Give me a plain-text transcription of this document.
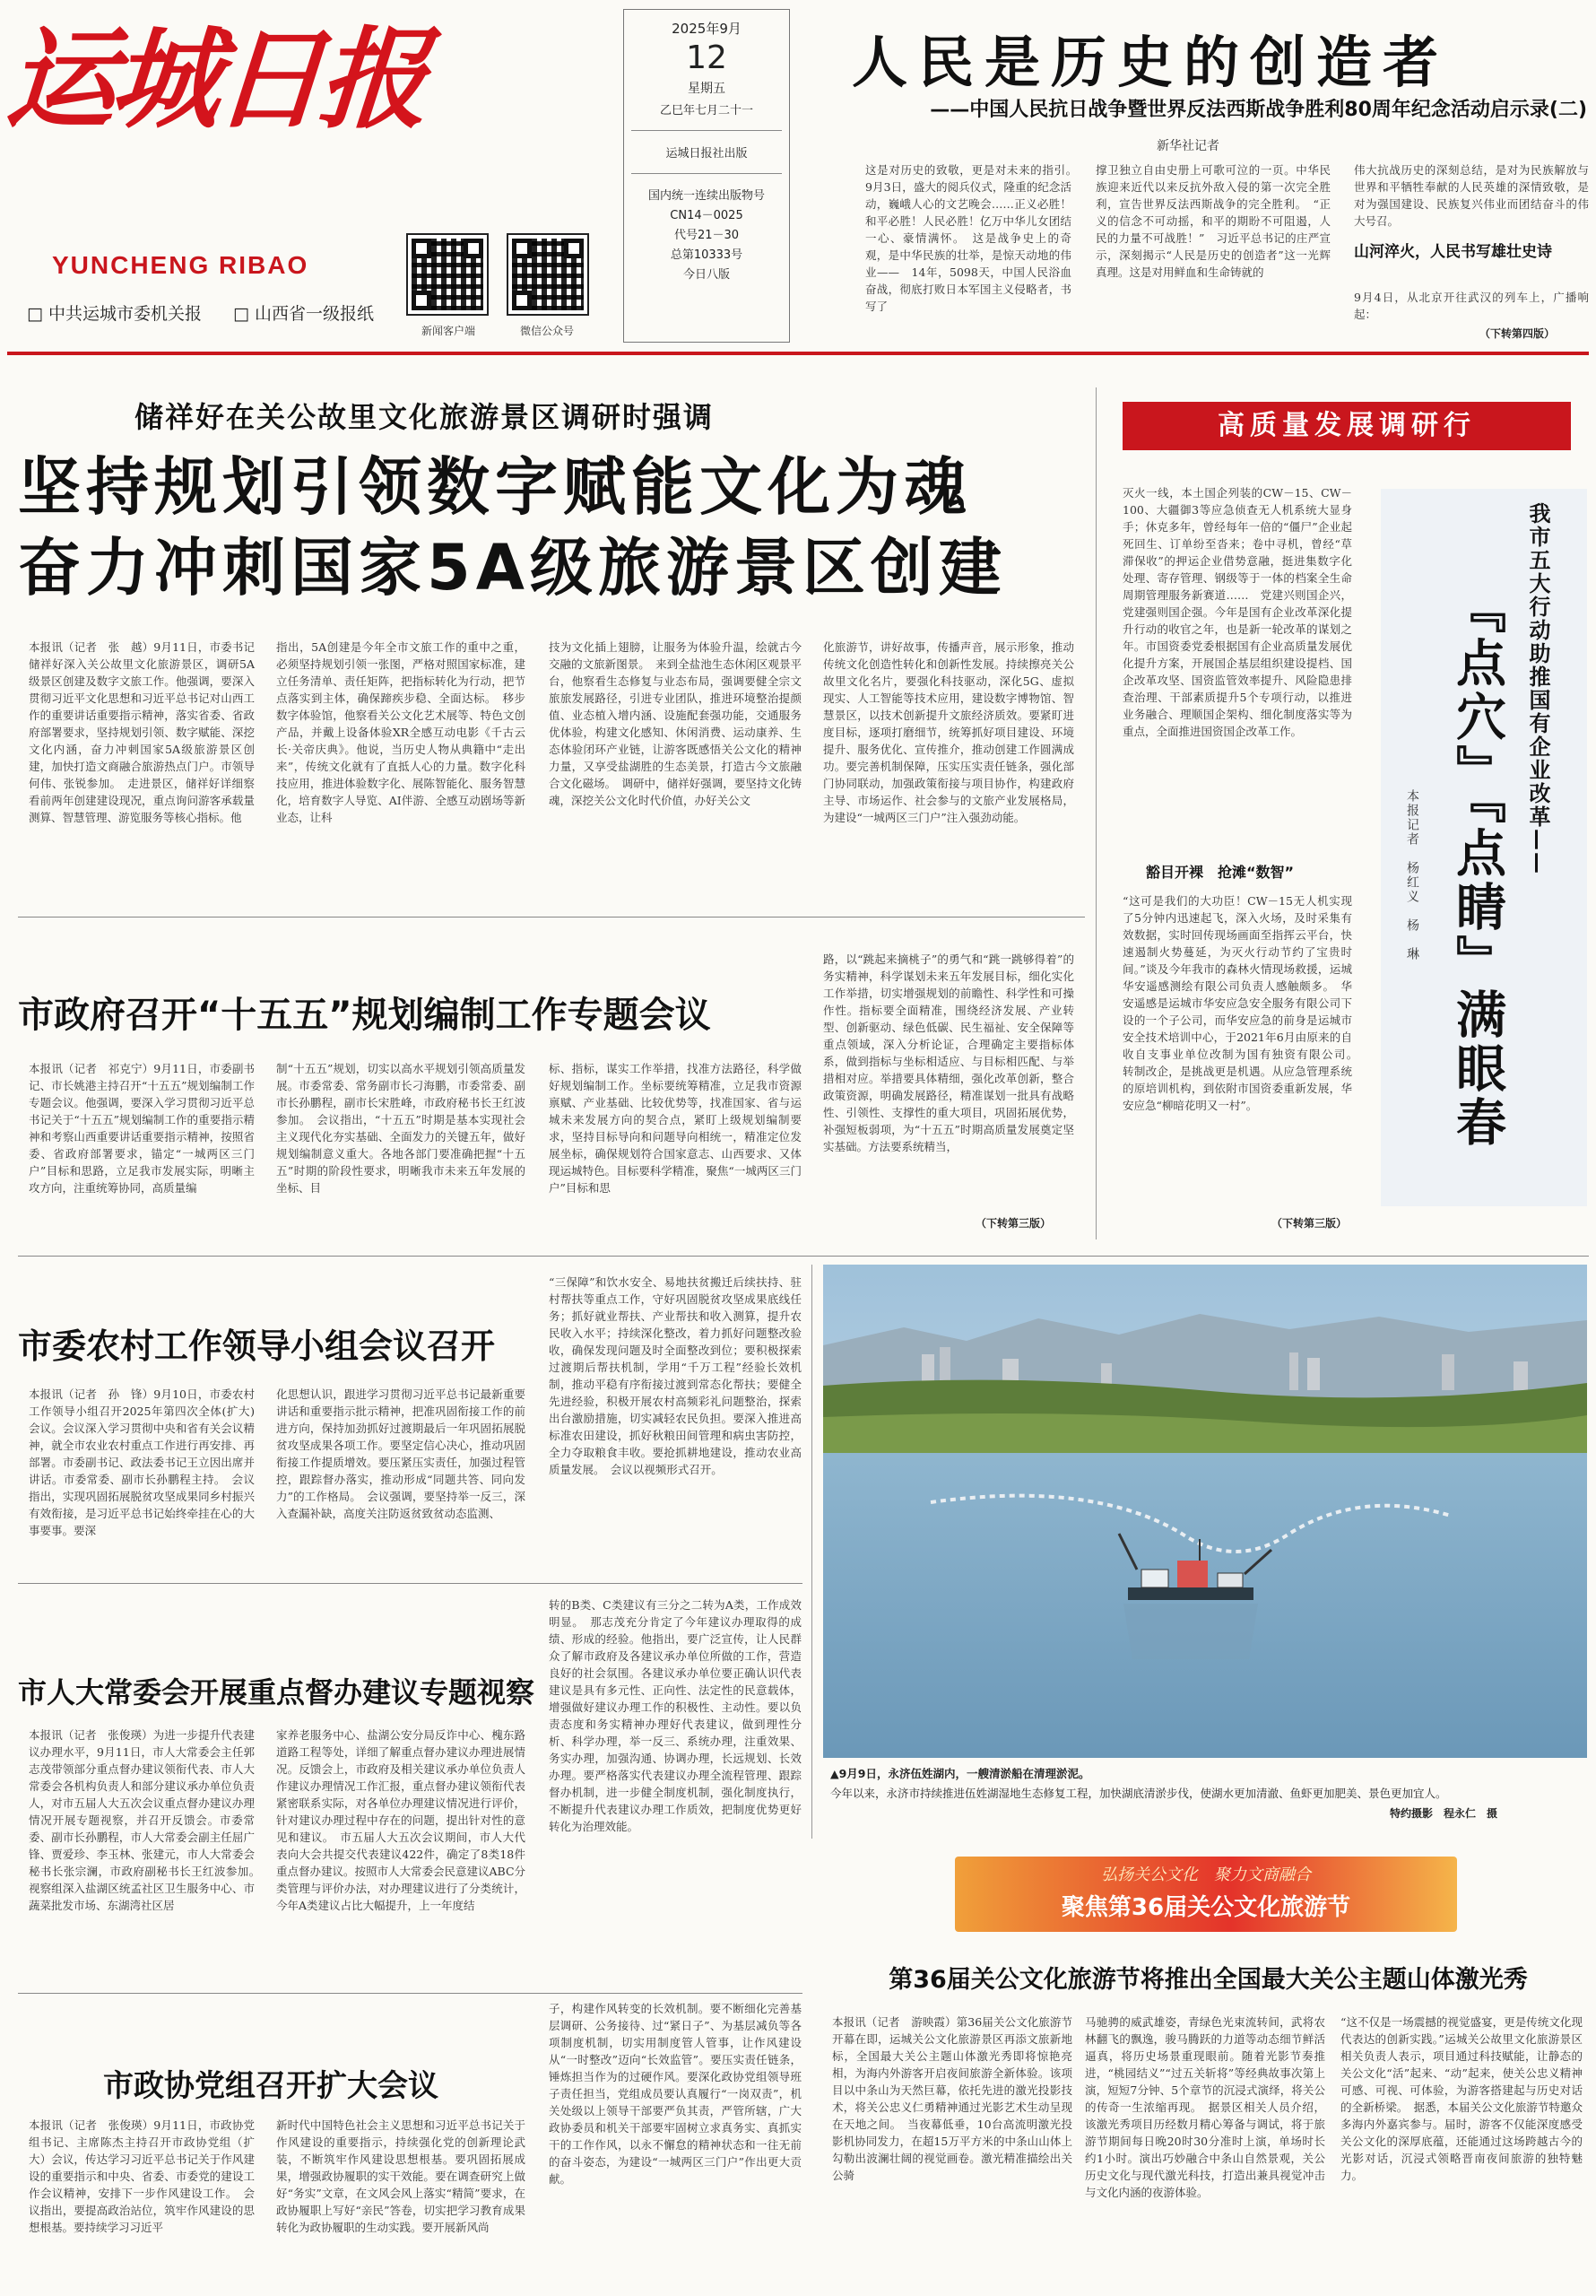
运城日报
YUNCHENG RIBAO
□ 中共运城市委机关报 □ 山西省一级报纸
新闻客户端	微信公众号
2025年9月
12
星期五
乙巳年七月二十一
运城日报社出版
国内统一连续出版物号
CN14－0025
代号21－30
总第10333号
今日八版
人民是历史的创造者
——中国人民抗日战争暨世界反法西斯战争胜利80周年纪念活动启示录(二)
新华社记者
这是对历史的致敬，更是对未来的指引。　9月3日，盛大的阅兵仪式，隆重的纪念活动，巍峨人心的文艺晚会……正义必胜！和平必胜！人民必胜！亿万中华儿女团结一心、豪情满怀。　这是战争史上的奇观，是中华民族的壮举，是惊天动地的伟业——　14年，5098天，中国人民浴血奋战，彻底打败日本军国主义侵略者，书写了
撑卫独立自由史册上可歌可泣的一页。中华民族迎来近代以来反抗外敌入侵的第一次完全胜利，宣告世界反法西斯战争的完全胜利。　“正义的信念不可动摇，和平的期盼不可阻遏，人民的力量不可战胜！”　习近平总书记的庄严宣示，深刻揭示“人民是历史的创造者”这一光辉真理。这是对用鲜血和生命铸就的
伟大抗战历史的深刻总结，是对为民族解放与世界和平牺牲奉献的人民英雄的深情致敬，是对为强国建设、民族复兴伟业而团结奋斗的伟大号召。
山河淬火，人民书写雄壮史诗
9月4日，从北京开往武汉的列车上，广播响起：
（下转第四版）
储祥好在关公故里文化旅游景区调研时强调
坚持规划引领数字赋能文化为魂
奋力冲刺国家5A级旅游景区创建
本报讯（记者　张　越）9月11日，市委书记储祥好深入关公故里文化旅游景区，调研5A级景区创建及数字文旅工作。他强调，要深入贯彻习近平文化思想和习近平总书记对山西工作的重要讲话重要指示精神，落实省委、省政府部署要求，坚持规划引领、数字赋能、深挖文化内涵，奋力冲刺国家5A级旅游景区创建，加快打造文商融合旅游热点门户。市领导何伟、张锐参加。　走进景区，储祥好详细察看前两年创建建设现况，重点询问游客承载量测算、智慧管理、游览服务等核心指标。他
指出，5A创建是今年全市文旅工作的重中之重，必须坚持规划引领一张图，严格对照国家标准，建立任务清单、责任矩阵，把指标转化为行动，把节点落实到主体，确保蹄疾步稳、全面达标。　移步数字体验馆，他察看关公文化艺术展等、特色文创产品，并戴上设备体验XR全感互动电影《千古云长·关帝庆典》。他说，当历史人物从典籍中“走出来”，传统文化就有了直抵人心的力量。数字化科技应用，推进体验数字化、展陈智能化、服务智慧化，培育数字人导览、AI伴游、全感互动剧场等新业态，让科
技为文化插上翅膀，让服务为体验升温，绘就古今交融的文旅新图景。　来到全盐池生态休闲区观景平台，他察看生态修复与业态布局，强调要健全宗文旅旅发展路径，引进专业团队，推进环境整治提颜值、业态植入增内涵、设施配套强功能，交通服务优体验，构建文化感知、休闲消费、运动康养、生态体验闭环产业链，让游客既感悟关公文化的精神力量，又享受盐湖胜的生态美景，打造古今文旅融合文化磁场。　调研中，储祥好强调，要坚持文化铸魂，深挖关公文化时代价值，办好关公文
化旅游节，讲好故事，传播声音，展示形象，推动传统文化创造性转化和创新性发展。持续擦亮关公故里文化名片，要强化科技驱动，深化5G、虚拟现实、人工智能等技术应用，建设数字博物馆、智慧景区，以技术创新提升文旅经济质效。要紧盯进度目标，逐项打磨细节，统筹抓好项目建设、环境提升、服务优化、宣传推介，推动创建工作圆满成功。要完善机制保障，压实压实责任链条，强化部门协同联动，加强政策衔接与项目协作，构建政府主导、市场运作、社会参与的文旅产业发展格局，为建设“一城两区三门户”注入强劲动能。
高质量发展调研行
灭火一线，本土国企列装的CW－15、CW－100、大疆御3等应急侦查无人机系统大显身手；休克多年，曾经每年一倍的“僵尸”企业起死回生、订单纷至沓来；卷中寻机，曾经“草滞保收”的押运企业借势意融，挺进集数字化处理、寄存管理、钢级等于一体的档案全生命周期管理服务新赛道……　党建兴则国企兴，党建强则国企强。今年是国有企业改革深化提升行动的收官之年，也是新一轮改革的谋划之年。市国资委党委根据国有企业高质量发展优化提升方案，开展国企基层组织建设提档、国企改革攻坚、国资监管效率提升、风险隐患排查治理、干部素质提升5个专项行动，以推进业务融合、理顺国企架构、细化制度落实等为重点，全面推进国资国企改革工作。
豁目开裸　抢滩“数智”
“这可是我们的大功臣！CW－15无人机实现了5分钟内迅速起飞，深入火场，及时采集有效数据，实时回传现场画面至指挥云平台，快速遏制火势蔓延，为灭火行动节约了宝贵时间。”谈及今年我市的森林火情现场救援，运城华安遥感测绘有限公司负责人感触颇多。　华安遥感是运城市华安应急安全服务有限公司下设的一个子公司，而华安应急的前身是运城市安全技术培训中心，于2021年6月由原来的自收自支事业单位改制为国有独资有限公司。　转制改企，是挑战更是机遇。从应急管理系统的原培训机构，到依附市国资委重新发展，华安应急“柳暗花明又一村”。
（下转第三版）
我市五大行动助推国有企业改革——
『点穴』『点睛』满眼春
本报记者　杨红义　杨　琳
市政府召开“十五五”规划编制工作专题会议
本报讯（记者　祁克宁）9月11日，市委副书记、市长姚港主持召开“十五五”规划编制工作专题会议。他强调，要深入学习贯彻习近平总书记关于“十五五”规划编制工作的重要指示精神和考察山西重要讲话重要指示精神，按照省委、省政府部署要求，锚定“一城两区三门户”目标和思路，立足我市发展实际，明晰主攻方向，注重统筹协同，高质量编
制“十五五”规划，切实以高水平规划引领高质量发展。市委常委、常务副市长刁海鹏，市委常委、副市长孙鹏程，副市长宋胜峰，市政府秘书长王红波参加。　会议指出，“十五五”时期是基本实现社会主义现代化夯实基础、全面发力的关键五年，做好规划编制意义重大。各地各部门要准确把握“十五五”时期的阶段性要求，明晰我市未来五年发展的坐标、目
标、指标，谋实工作举措，找准方法路径，科学做好规划编制工作。坐标要统筹精准，立足我市资源禀赋、产业基础、比较优势等，找准国家、省与运城未来发展方向的契合点，紧盯上级规划编制要求，坚持目标导向和问题导向相统一，精准定位发展坐标，确保规划符合国家意志、山西要求、又体现运城特色。目标要科学精准，聚焦“一城两区三门户”目标和思
路，以“跳起来摘桃子”的勇气和“跳一跳够得着”的务实精神，科学谋划未来五年发展目标，细化实化工作举措，切实增强规划的前瞻性、科学性和可操作性。指标要全面精准，围绕经济发展、产业转型、创新驱动、绿色低碳、民生福祉、安全保障等重点领域，深入分析论证，合理确定主要指标体系，做到指标与坐标相适应、与目标相匹配、与举措相对应。举措要具体精细，强化改革创新，整合政策资源，明确发展路径，精准谋划一批具有战略性、引领性、支撑性的重大项目，巩固拓展优势，补强短板弱项，为“十五五”时期高质量发展奠定坚实基础。方法要系统精当，
（下转第三版）
市委农村工作领导小组会议召开
本报讯（记者　孙　锋）9月10日，市委农村工作领导小组召开2025年第四次全体(扩大)会议。会议深入学习贯彻中央和省有关会议精神，就全市农业农村重点工作进行再安排、再部署。市委副书记、政法委书记王立因出席并讲话。市委常委、副市长孙鹏程主持。　会议指出，实现巩固拓展脱贫攻坚成果同乡村振兴有效衔接，是习近平总书记始终牵挂在心的大事要事。要深
化思想认识，跟进学习贯彻习近平总书记最新重要讲话和重要指示批示精神，把准巩固衔接工作的前进方向，保持加劲抓好过渡期最后一年巩固拓展脱贫攻坚成果各项工作。要坚定信心决心，推动巩固衔接工作提质增效。要压紧压实责任，加强过程管控，跟踪督办落实，推动形成“同题共答、同向发力”的工作格局。　会议强调，要坚持举一反三，深入查漏补缺，高度关注防返贫致贫动态监测、
“三保障”和饮水安全、易地扶贫搬迁后续扶持、驻村帮扶等重点工作，守好巩固脱贫攻坚成果底线任务；抓好就业帮扶、产业帮扶和收入测算，提升农民收入水平；持续深化整改，着力抓好问题整改验收，确保发现问题及时全面整改到位；要积极探索过渡期后帮扶机制，学用“千万工程”经验长效机制，推动平稳有序衔接过渡到常态化帮扶；要健全先进经验，积极开展农村高频彩礼问题整治，探索出台激励措施，切实减轻农民负担。要深入推进高标准农田建设，抓好秋粮田间管理和病虫害防控，全力夺取粮食丰收。要抢抓耕地建设，推动农业高质量发展。　会议以视频形式召开。
▲9月9日，永济伍姓湖内，一艘清淤船在清理淤泥。
今年以来，永济市持续推进伍姓湖湿地生态修复工程，加快湖底清淤步伐，使湖水更加清澈、鱼虾更加肥美、景色更加宜人。
特约摄影　程永仁　摄
市人大常委会开展重点督办建议专题视察
本报讯（记者　张俊瑛）为进一步提升代表建议办理水平，9月11日，市人大常委会主任郭志茂带领部分重点督办建议领衔代表、市人大常委会各机构负责人和部分建议承办单位负责人，对市五届人大五次会议重点督办建议办理情况开展专题视察，并召开反馈会。市委常委、副市长孙鹏程，市人大常委会副主任屈广锋、贾爱珍、李玉林、张建元，市人大常委会秘书长张宗澜，市政府副秘书长王红波参加。　视察组深入盐湖区统孟社区卫生服务中心、市蔬菜批发市场、东湖湾社区居
家养老服务中心、盐湖公安分局反诈中心、槐东路道路工程等处，详细了解重点督办建议办理进展情况。反馈会上，市政府及相关建议承办单位负责人作建议办理情况工作汇报，重点督办建议领衔代表紧密联系实际，对各单位办理建议情况进行评价，针对建议办理过程中存在的问题，提出针对性的意见和建议。　市五届人大五次会议期间，市人大代表向大会共提交代表建议422件，确定了8类18件重点督办建议。按照市人大常委会民意建议ABC分类管理与评价办法，对办理建议进行了分类统计，今年A类建议占比大幅提升，上一年度结
转的B类、C类建议有三分之二转为A类，工作成效明显。　那志茂充分肯定了今年建议办理取得的成绩、形成的经验。他指出，要广泛宣传，让人民群众了解市政府及各建议承办单位所做的工作，营造良好的社会氛围。各建议承办单位要正确认识代表建议是具有多元性、正向性、法定性的民意载体，增强做好建议办理工作的积极性、主动性。要以负责态度和务实精神办理好代表建议，做到理性分析、科学办理，举一反三、系统办理，注重效果、务实办理，加强沟通、协调办理，长远规划、长效办理。要严格落实代表建议办理全流程管理、跟踪督办机制，进一步健全制度机制，强化制度执行，不断提升代表建议办理工作质效，把制度优势更好转化为治理效能。
市政协党组召开扩大会议
本报讯（记者　张俊瑛）9月11日，市政协党组书记、主席陈杰主持召开市政协党组（扩大）会议，传达学习习近平总书记关于作风建设的重要指示和中央、省委、市委党的建设工作会议精神，安排下一步作风建设工作。　会议指出，要提高政治站位，筑牢作风建设的思想根基。要持续学习习近平
新时代中国特色社会主义思想和习近平总书记关于作风建设的重要指示，持续强化党的创新理论武装，不断筑牢作风建设思想根基。要巩固拓展成果，增强政协履职的实干效能。要在调查研究上做好“务实”文章，在文风会风上落实“精简”要求，在政协履职上写好“亲民”答卷，切实把学习教育成果转化为政协履职的生动实践。要开展新风尚
子，构建作风转变的长效机制。要不断细化完善基层调研、公务接待、过“紧日子”、为基层减负等各项制度机制，切实用制度管人管事，让作风建设从“一时整改”迈向“长效监管”。要压实责任链条，锤炼担当作为的过硬作风。要深化政协党组领导班子责任担当，党组成员要认真履行“一岗双责”，机关处级以上领导干部要严负其责，严管所辖，广大政协委员和机关干部要牢固树立求真务实、真抓实干的工作作风，以永不懈怠的精神状态和一往无前的奋斗姿态，为建设“一城两区三门户”作出更大贡献。
弘扬关公文化　聚力文商融合
聚焦第36届关公文化旅游节
第36届关公文化旅游节将推出全国最大关公主题山体激光秀
本报讯（记者　游映霞）第36届关公文化旅游节开幕在即，运城关公文化旅游景区再添文旅新地标，全国最大关公主题山体激光秀即将惊艳亮相，为海内外游客开启夜间旅游全新体验。该项目以中条山为天然巨幕，依托先进的激光投影技术，将关公忠义仁勇精神通过光影艺术生动呈现在天地之间。　当夜幕低垂，10台高流明激光投影机协同发力，在超15万平方米的中条山山体上勾勒出波澜壮阔的视觉画卷。激光精准描绘出关公骑
马驰骋的威武雄姿，青绿色光束流转间，武将农林翻飞的飘逸，骏马腾跃的力道等动态细节鲜活逼真，将历史场景重现眼前。随着光影节奏推进，“桃园结义”“过五关斩将”等经典故事次第上演，短短7分钟、5个章节的沉浸式演绎，将关公的传奇一生浓缩再现。　据景区相关人员介绍，该激光秀项目历经数月精心筹备与调试，将于旅游节期间每日晚20时30分准时上演，单场时长约1小时。演出巧妙融合中条山自然景观，关公历史文化与现代激光科技，打造出兼具视觉冲击与文化内涵的夜游体验。
“这不仅是一场震撼的视觉盛宴，更是传统文化现代表达的创新实践。”运城关公故里文化旅游景区相关负责人表示，项目通过科技赋能，让静态的关公文化“活”起来、“动”起来，使关公忠义精神可感、可视、可体验，为游客搭建起与历史对话的全新桥梁。　据悉，本届关公文化旅游节特邀众多海内外嘉宾参与。届时，游客不仅能深度感受关公文化的深厚底蕴，还能通过这场跨越古今的光影对话，沉浸式领略晋南夜间旅游的独特魅力。
